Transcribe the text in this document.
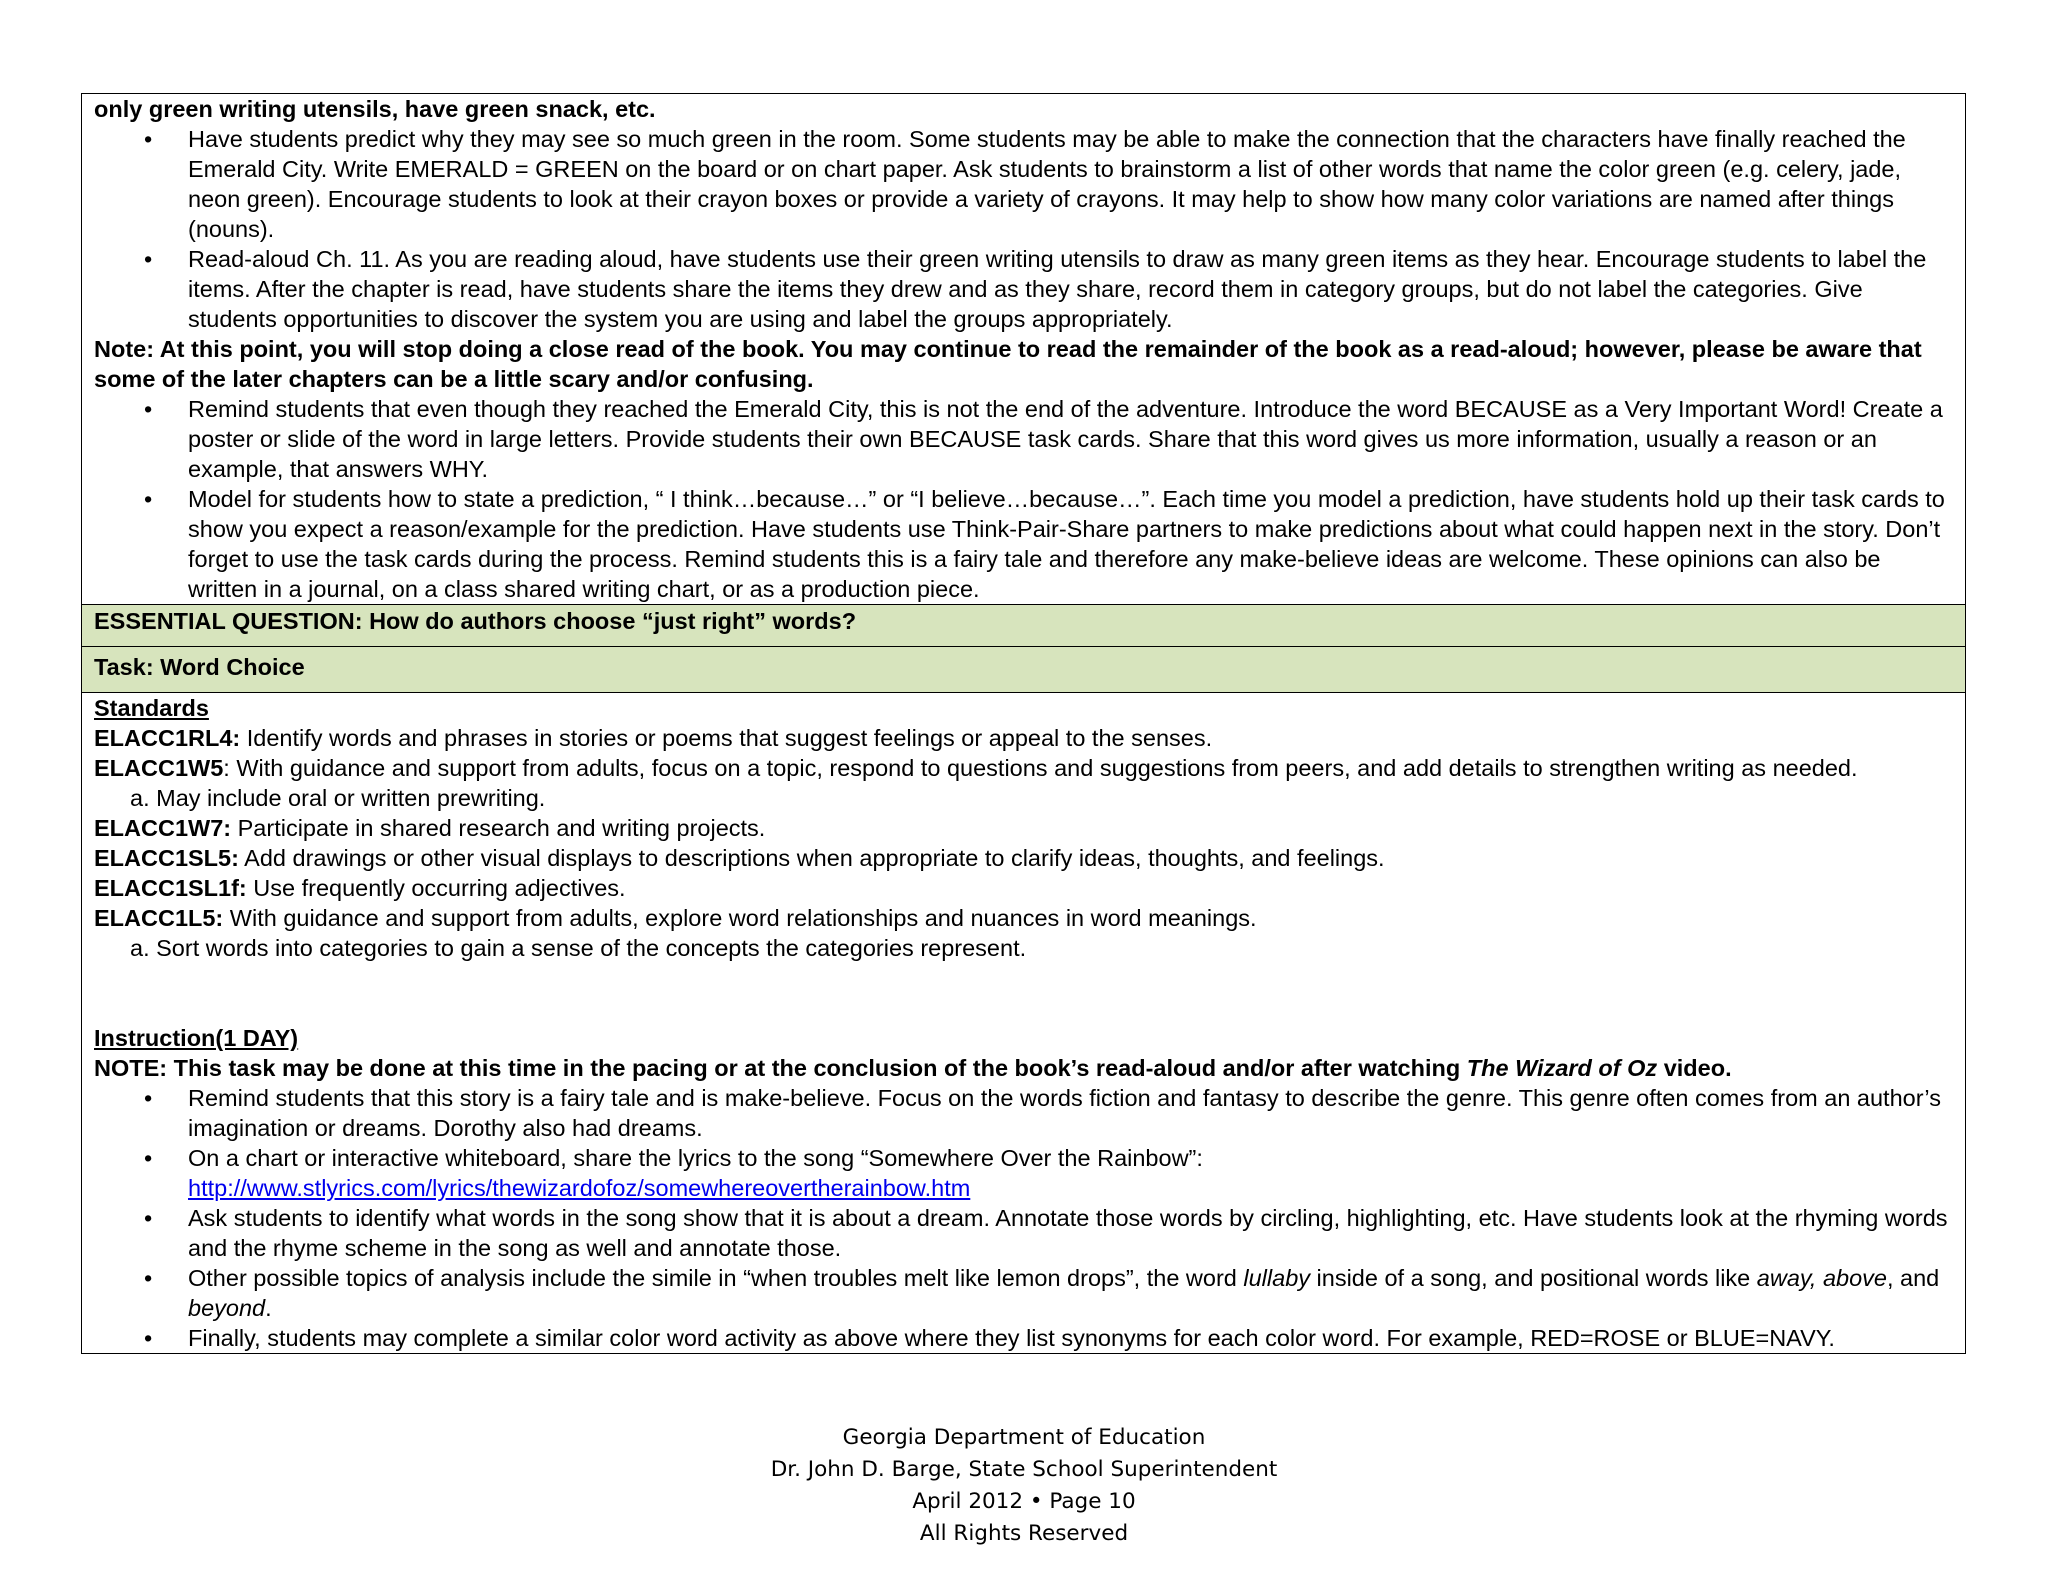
only green writing utensils, have green snack, etc.
• Have students predict why they may see so much green in the room. Some students may be able to make the connection that the characters have finally reached the Emerald City. Write EMERALD = GREEN on the board or on chart paper. Ask students to brainstorm a list of other words that name the color green (e.g. celery, jade, neon green). Encourage students to look at their crayon boxes or provide a variety of crayons. It may help to show how many color variations are named after things (nouns).
• Read-aloud Ch. 11. As you are reading aloud, have students use their green writing utensils to draw as many green items as they hear. Encourage students to label the items. After the chapter is read, have students share the items they drew and as they share, record them in category groups, but do not label the categories. Give students opportunities to discover the system you are using and label the groups appropriately.
Note: At this point, you will stop doing a close read of the book. You may continue to read the remainder of the book as a read-aloud; however, please be aware that some of the later chapters can be a little scary and/or confusing.
• Remind students that even though they reached the Emerald City, this is not the end of the adventure. Introduce the word BECAUSE as a Very Important Word! Create a poster or slide of the word in large letters. Provide students their own BECAUSE task cards. Share that this word gives us more information, usually a reason or an example, that answers WHY.
• Model for students how to state a prediction, “ I think…because…” or “I believe…because…”. Each time you model a prediction, have students hold up their task cards to show you expect a reason/example for the prediction. Have students use Think-Pair-Share partners to make predictions about what could happen next in the story. Don’t forget to use the task cards during the process. Remind students this is a fairy tale and therefore any make-believe ideas are welcome. These opinions can also be written in a journal, on a class shared writing chart, or as a production piece.

ESSENTIAL QUESTION: How do authors choose “just right” words?
Task: Word Choice

Standards
ELACC1RL4: Identify words and phrases in stories or poems that suggest feelings or appeal to the senses.
ELACC1W5: With guidance and support from adults, focus on a topic, respond to questions and suggestions from peers, and add details to strengthen writing as needed.
a. May include oral or written prewriting.
ELACC1W7: Participate in shared research and writing projects.
ELACC1SL5: Add drawings or other visual displays to descriptions when appropriate to clarify ideas, thoughts, and feelings.
ELACC1SL1f: Use frequently occurring adjectives.
ELACC1L5: With guidance and support from adults, explore word relationships and nuances in word meanings.
a. Sort words into categories to gain a sense of the concepts the categories represent.
Instruction(1 DAY)
NOTE: This task may be done at this time in the pacing or at the conclusion of the book’s read-aloud and/or after watching The Wizard of Oz video.
• Remind students that this story is a fairy tale and is make-believe. Focus on the words fiction and fantasy to describe the genre. This genre often comes from an author’s imagination or dreams. Dorothy also had dreams.
• On a chart or interactive whiteboard, share the lyrics to the song “Somewhere Over the Rainbow”:
http://www.stlyrics.com/lyrics/thewizardofoz/somewhereovertherainbow.htm
• Ask students to identify what words in the song show that it is about a dream. Annotate those words by circling, highlighting, etc. Have students look at the rhyming words and the rhyme scheme in the song as well and annotate those.
• Other possible topics of analysis include the simile in “when troubles melt like lemon drops”, the word lullaby inside of a song, and positional words like away, above, and beyond.
• Finally, students may complete a similar color word activity as above where they list synonyms for each color word. For example, RED=ROSE or BLUE=NAVY.
Georgia Department of Education
Dr. John D. Barge, State School Superintendent
April 2012 • Page 10
All Rights Reserved
